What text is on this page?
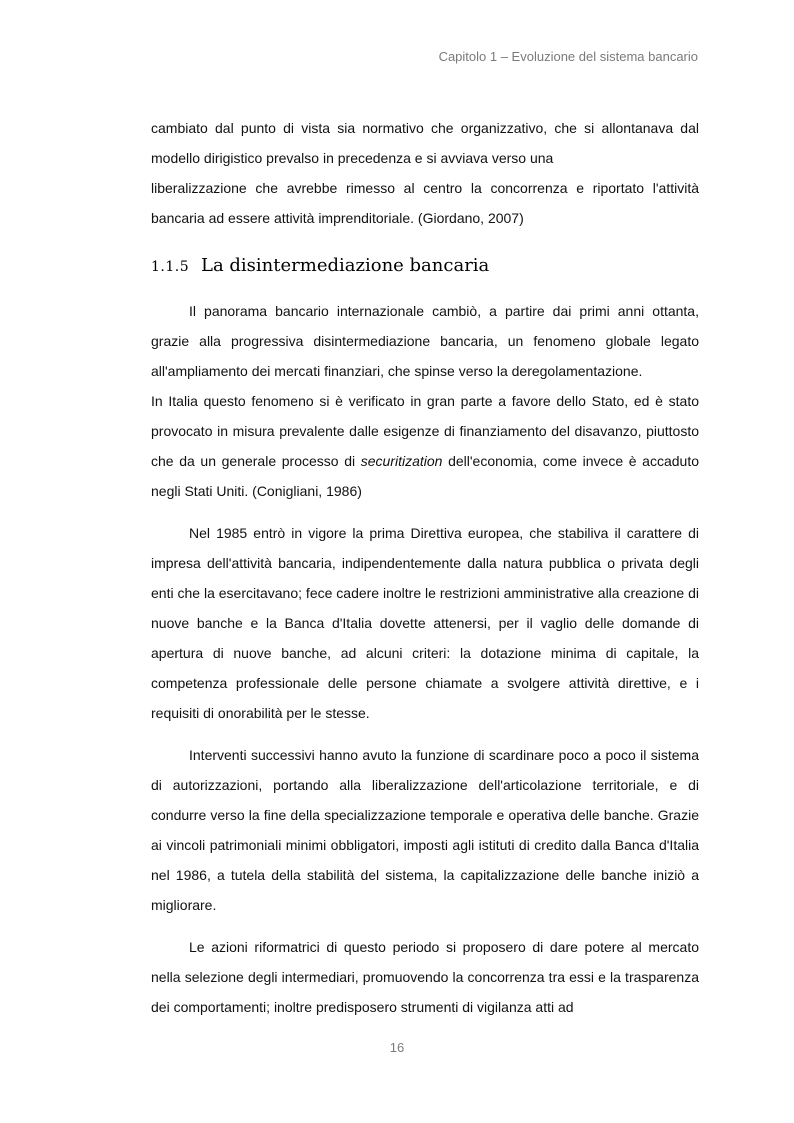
Capitolo 1 – Evoluzione del sistema bancario

cambiato dal punto di vista sia normativo che organizzativo, che si allontanava dal
modello dirigistico prevalso in precedenza e si avviava verso una
liberalizzazione che avrebbe rimesso al centro la concorrenza e riportato l'attività bancaria ad essere attività imprenditoriale. (Giordano, 2007)

1.1.5 La disintermediazione bancaria

Il panorama bancario internazionale cambiò, a partire dai primi anni ottanta, grazie alla progressiva disintermediazione bancaria, un fenomeno globale legato all'ampliamento dei mercati finanziari, che spinse verso la deregolamentazione.

In Italia questo fenomeno si è verificato in gran parte a favore dello Stato, ed è stato provocato in misura prevalente dalle esigenze di finanziamento del disavanzo, piuttosto che da un generale processo di securitization dell'economia, come invece è accaduto negli Stati Uniti. (Conigliani, 1986)

Nel 1985 entrò in vigore la prima Direttiva europea, che stabiliva il carattere di impresa dell'attività bancaria, indipendentemente dalla natura pubblica o privata degli enti che la esercitavano; fece cadere inoltre le restrizioni amministrative alla creazione di nuove banche e la Banca d'Italia dovette attenersi, per il vaglio delle domande di apertura di nuove banche, ad alcuni criteri: la dotazione minima di capitale, la competenza professionale delle persone chiamate a svolgere attività direttive, e i requisiti di onorabilità per le stesse.

Interventi successivi hanno avuto la funzione di scardinare poco a poco il sistema di autorizzazioni, portando alla liberalizzazione dell'articolazione territoriale, e di condurre verso la fine della specializzazione temporale e operativa delle banche. Grazie ai vincoli patrimoniali minimi obbligatori, imposti agli istituti di credito dalla Banca d'Italia nel 1986, a tutela della stabilità del sistema, la capitalizzazione delle banche iniziò a migliorare.

Le azioni riformatrici di questo periodo si proposero di dare potere al mercato nella selezione degli intermediari, promuovendo la concorrenza tra essi e la trasparenza dei comportamenti; inoltre predisposero strumenti di vigilanza atti ad

16
